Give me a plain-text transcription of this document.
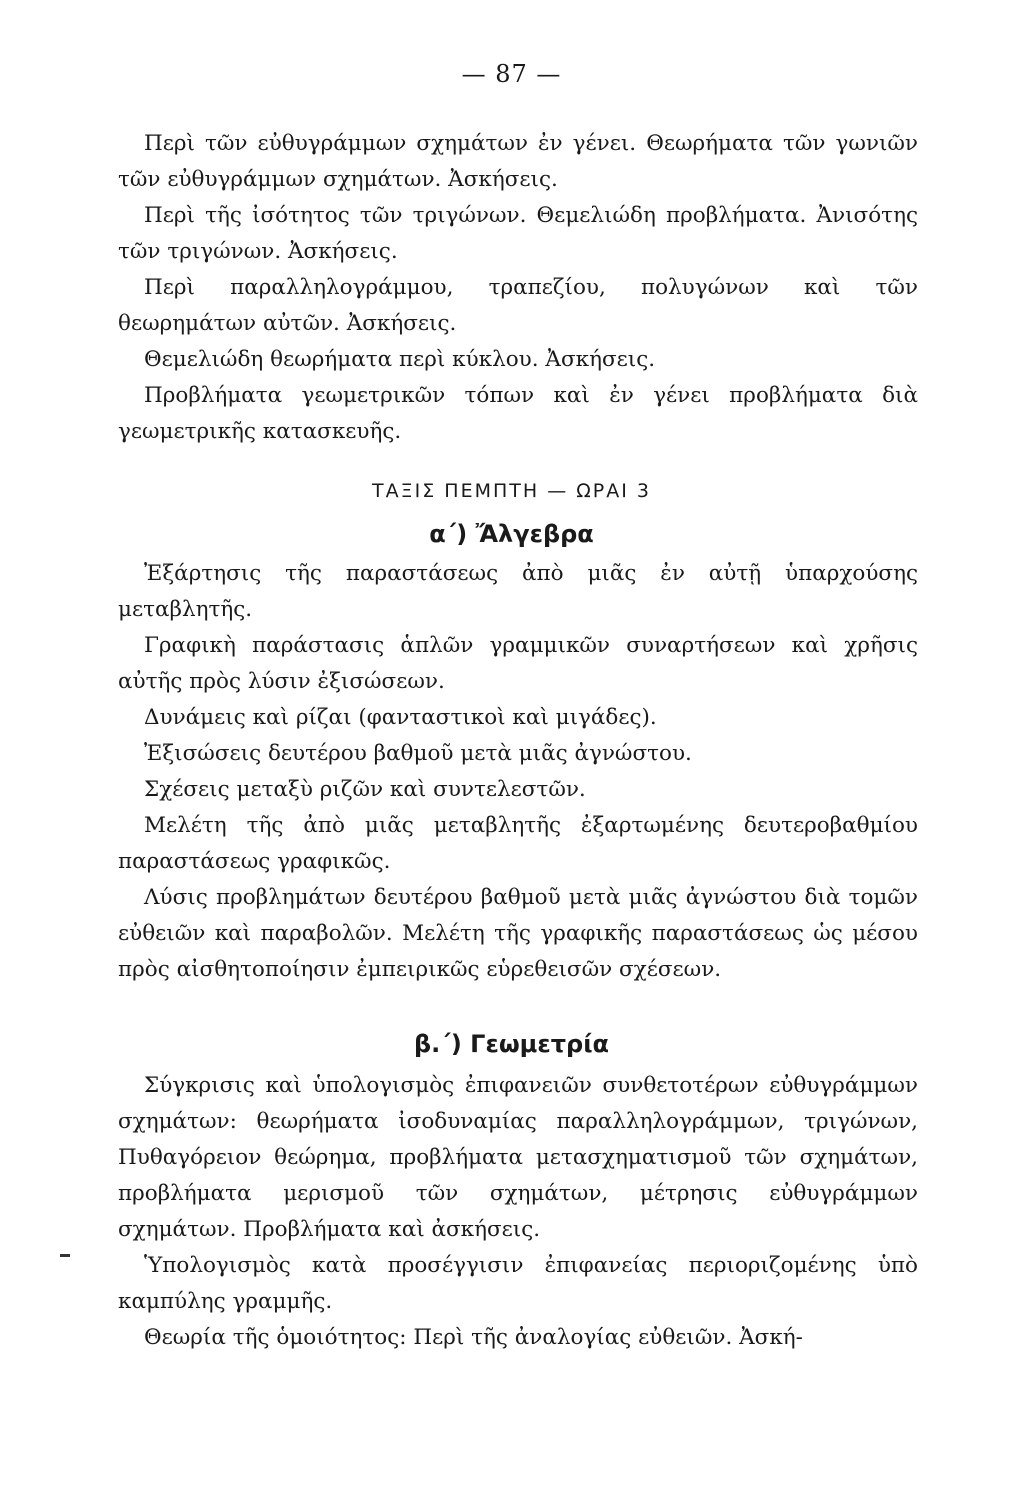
— 87 —

Περὶ τῶν εὐθυγράμμων σχημάτων ἐν γένει. Θεωρήματα τῶν γωνιῶν τῶν εὐθυγράμμων σχημάτων. Ἀσκήσεις.

Περὶ τῆς ἰσότητος τῶν τριγώνων. Θεμελιώδη προβλήματα. Ἀνισότης τῶν τριγώνων. Ἀσκήσεις.

Περὶ παραλληλογράμμου, τραπεζίου, πολυγώνων καὶ τῶν θεωρημάτων αὐτῶν. Ἀσκήσεις.

Θεμελιώδη θεωρήματα περὶ κύκλου. Ἀσκήσεις.

Προβλήματα γεωμετρικῶν τόπων καὶ ἐν γένει προβλήματα διὰ γεωμετρικῆς κατασκευῆς.

ΤΑΞΙΣ ΠΕΜΠΤΗ — ΩΡΑΙ 3
α΄) Ἄλγεβρα

Ἐξάρτησις τῆς παραστάσεως ἀπὸ μιᾶς ἐν αὐτῇ ὑπαρχούσης μεταβλητῆς.

Γραφικὴ παράστασις ἁπλῶν γραμμικῶν συναρτήσεων καὶ χρῆσις αὐτῆς πρὸς λύσιν ἐξισώσεων.

Δυνάμεις καὶ ρίζαι (φανταστικοὶ καὶ μιγάδες).

Ἐξισώσεις δευτέρου βαθμοῦ μετὰ μιᾶς ἀγνώστου.

Σχέσεις μεταξὺ ριζῶν καὶ συντελεστῶν.

Μελέτη τῆς ἀπὸ μιᾶς μεταβλητῆς ἐξαρτωμένης δευτεροβαθμίου παραστάσεως γραφικῶς.

Λύσις προβλημάτων δευτέρου βαθμοῦ μετὰ μιᾶς ἀγνώστου διὰ τομῶν εὐθειῶν καὶ παραβολῶν. Μελέτη τῆς γραφικῆς παραστάσεως ὡς μέσου πρὸς αἰσθητοποίησιν ἐμπειρικῶς εὑρεθεισῶν σχέσεων.

β.΄) Γεωμετρία

Σύγκρισις καὶ ὑπολογισμὸς ἐπιφανειῶν συνθετοτέρων εὐθυγράμμων σχημάτων: θεωρήματα ἰσοδυναμίας παραλληλογράμμων, τριγώνων, Πυθαγόρειον θεώρημα, προβλήματα μετασχηματισμοῦ τῶν σχημάτων, προβλήματα μερισμοῦ τῶν σχημάτων, μέτρησις εὐθυγράμμων σχημάτων. Προβλήματα καὶ ἀσκήσεις.

Ὑπολογισμὸς κατὰ προσέγγισιν ἐπιφανείας περιοριζομένης ὑπὸ καμπύλης γραμμῆς.

Θεωρία τῆς ὁμοιότητος: Περὶ τῆς ἀναλογίας εὐθειῶν. Ἀσκή-
